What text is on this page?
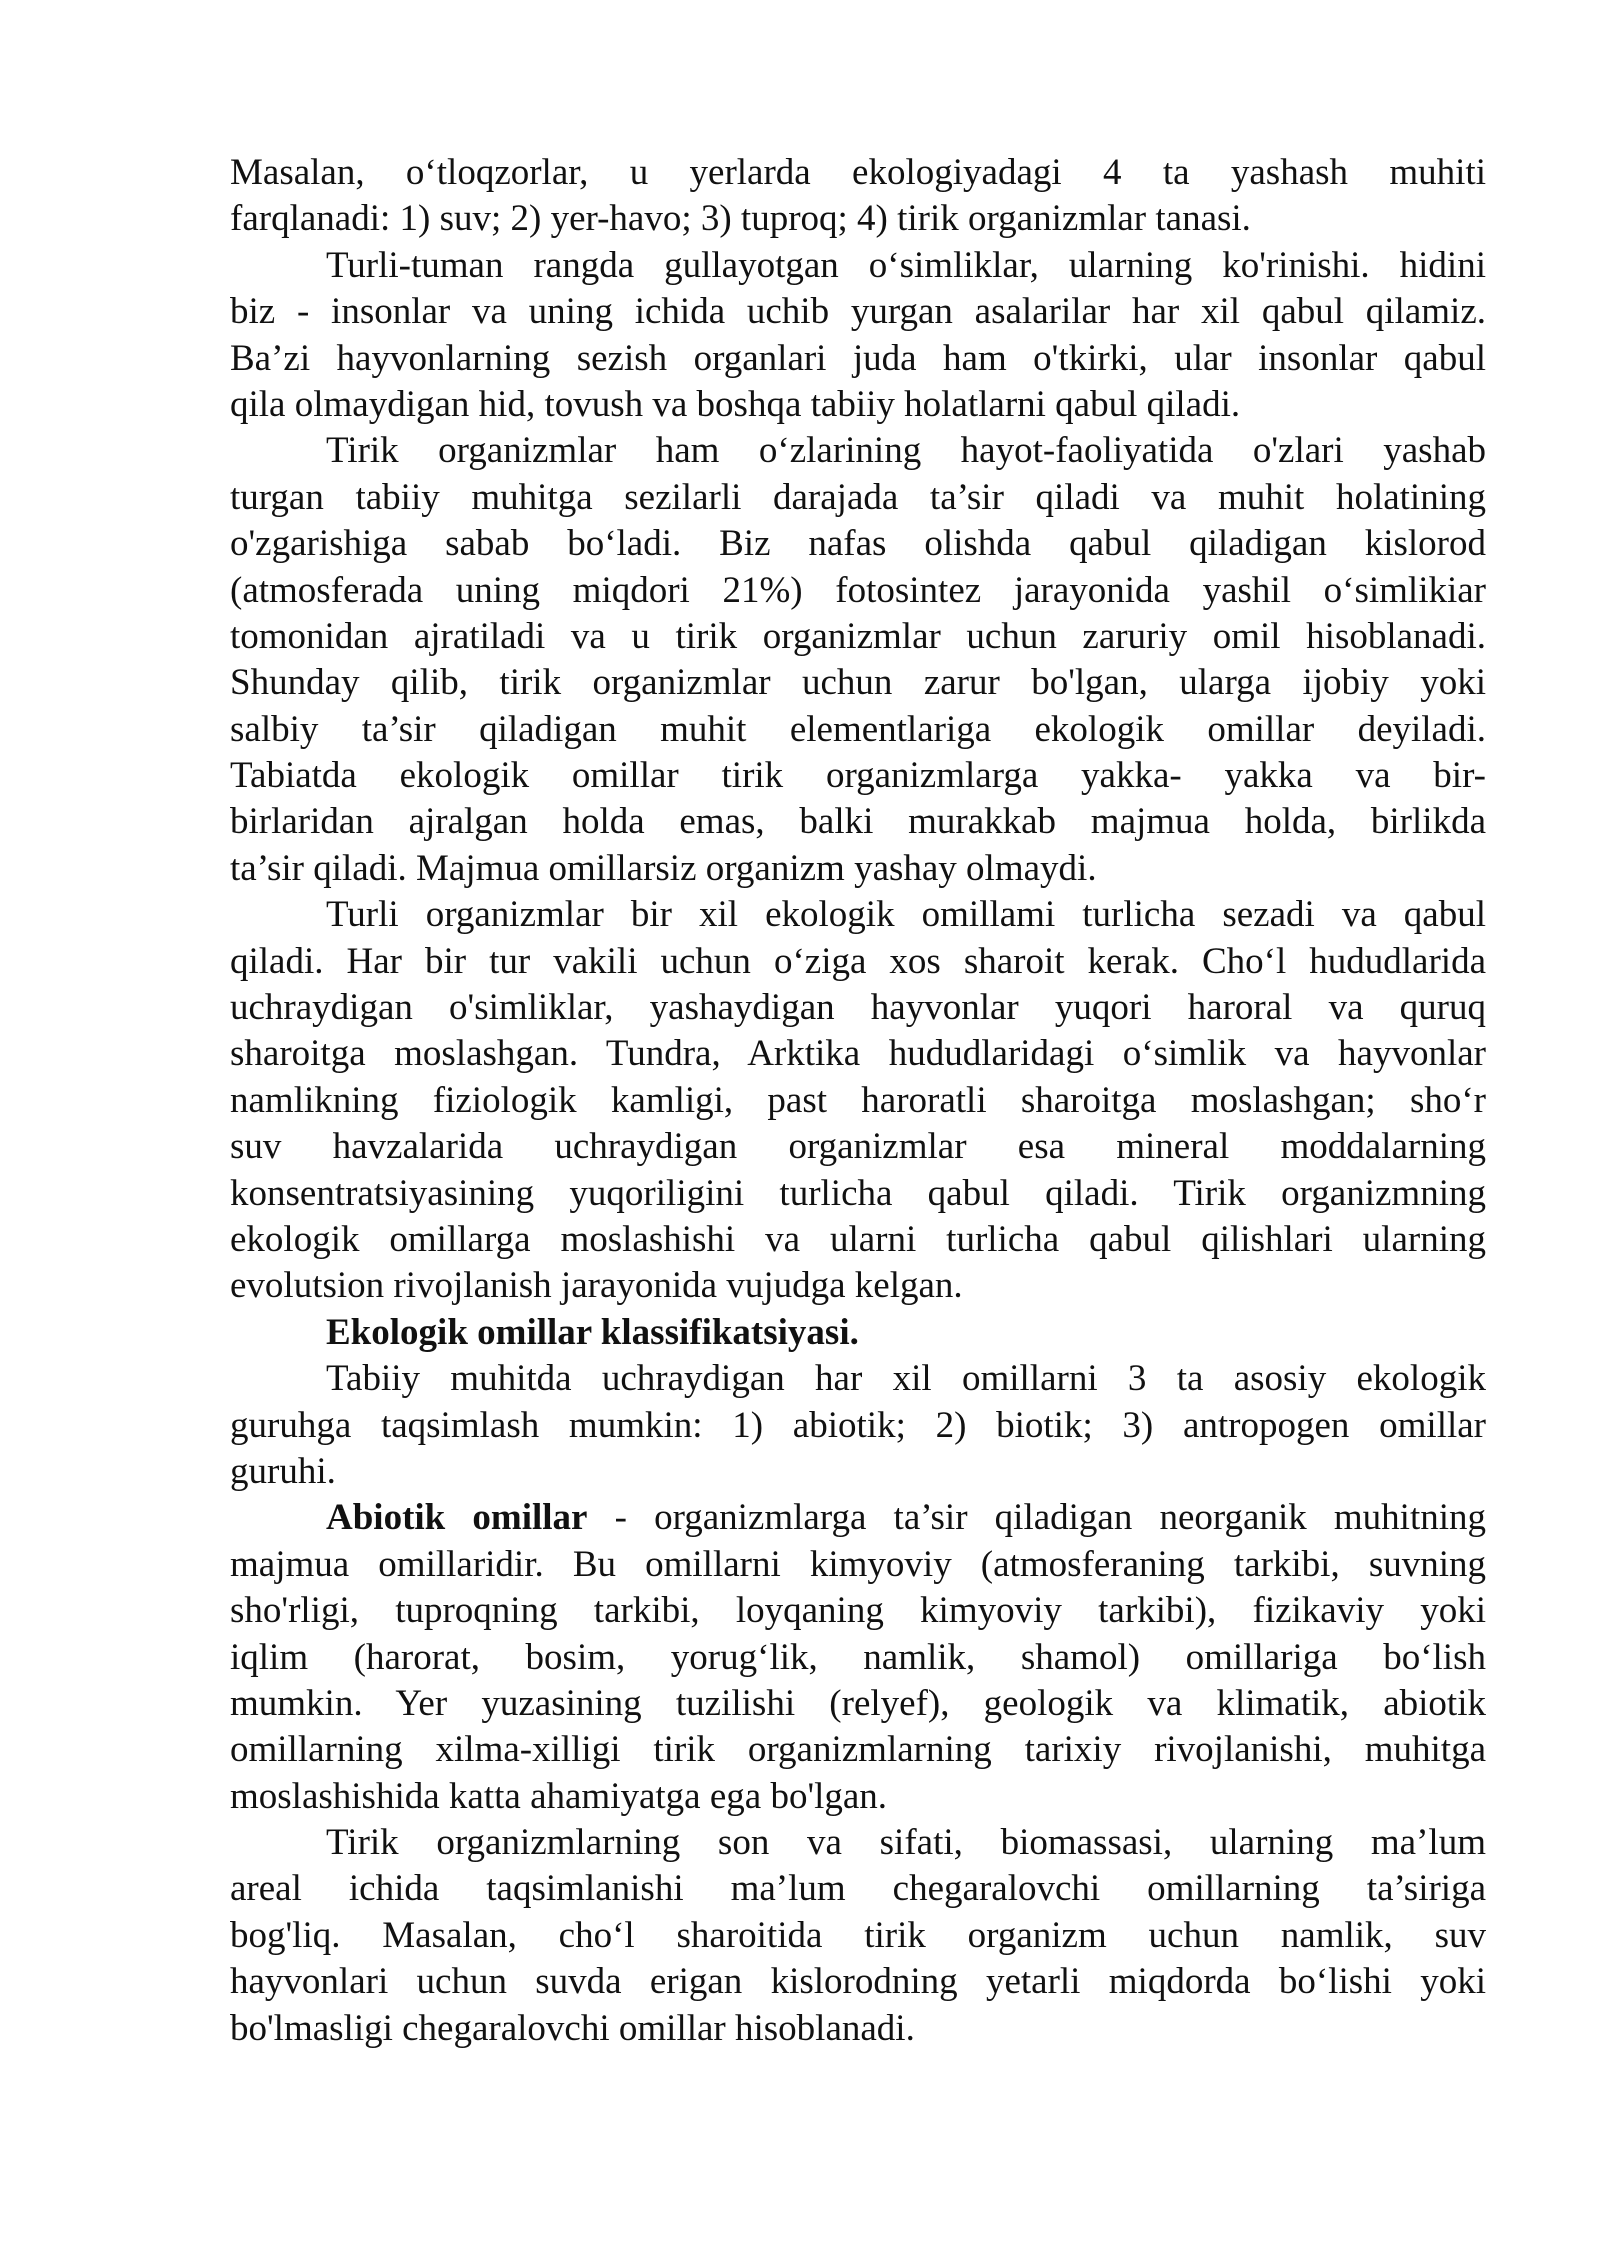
Masalan, o‘tloqzorlar, u yerlarda ekologiyadagi 4 ta yashash muhiti
farqlanadi: 1) suv; 2) yer-havo; 3) tuproq; 4) tirik organizmlar tanasi.
Turli-tuman rangda gullayotgan o‘simliklar, ularning ko'rinishi. hidini
biz - insonlar va uning ichida uchib yurgan asalarilar har xil qabul qilamiz.
Ba’zi hayvonlarning sezish organlari juda ham o'tkirki, ular insonlar qabul
qila olmaydigan hid, tovush va boshqa tabiiy holatlarni qabul qiladi.
Tirik organizmlar ham o‘zlarining hayot-faoliyatida o'zlari yashab
turgan tabiiy muhitga sezilarli darajada ta’sir qiladi va muhit holatining
o'zgarishiga sabab bo‘ladi. Biz nafas olishda qabul qiladigan kislorod
(atmosferada uning miqdori 21%) fotosintez jarayonida yashil o‘simlikiar
tomonidan ajratiladi va u tirik organizmlar uchun zaruriy omil hisoblanadi.
Shunday qilib, tirik organizmlar uchun zarur bo'lgan, ularga ijobiy yoki
salbiy ta’sir qiladigan muhit elementlariga ekologik omillar deyiladi.
Tabiatda ekologik omillar tirik organizmlarga yakka- yakka va bir-
birlaridan ajralgan holda emas, balki murakkab majmua holda, birlikda
ta’sir qiladi. Majmua omillarsiz organizm yashay olmaydi.
Turli organizmlar bir xil ekologik omillami turlicha sezadi va qabul
qiladi. Har bir tur vakili uchun o‘ziga xos sharoit kerak. Cho‘l hududlarida
uchraydigan o'simliklar, yashaydigan hayvonlar yuqori haroral va quruq
sharoitga moslashgan. Tundra, Arktika hududlaridagi o‘simlik va hayvonlar
namlikning fiziologik kamligi, past haroratli sharoitga moslashgan; sho‘r
suv havzalarida uchraydigan organizmlar esa mineral moddalarning
konsentratsiyasining yuqoriligini turlicha qabul qiladi. Tirik organizmning
ekologik omillarga moslashishi va ularni turlicha qabul qilishlari ularning
evolutsion rivojlanish jarayonida vujudga kelgan.
Ekologik omillar klassifikatsiyasi.
Tabiiy muhitda uchraydigan har xil omillarni 3 ta asosiy ekologik
guruhga taqsimlash mumkin: 1) abiotik; 2) biotik; 3) antropogen omillar
guruhi.
Abiotik omillar - organizmlarga ta’sir qiladigan neorganik muhitning
majmua omillaridir. Bu omillarni kimyoviy (atmosferaning tarkibi, suvning
sho'rligi, tuproqning tarkibi, loyqaning kimyoviy tarkibi), fizikaviy yoki
iqlim (harorat, bosim, yorug‘lik, namlik, shamol) omillariga bo‘lish
mumkin. Yer yuzasining tuzilishi (relyef), geologik va klimatik, abiotik
omillarning xilma-xilligi tirik organizmlarning tarixiy rivojlanishi, muhitga
moslashishida katta ahamiyatga ega bo'lgan.
Tirik organizmlarning son va sifati, biomassasi, ularning ma’lum
areal ichida taqsimlanishi ma’lum chegaralovchi omillarning ta’siriga
bog'liq. Masalan, cho‘l sharoitida tirik organizm uchun namlik, suv
hayvonlari uchun suvda erigan kislorodning yetarli miqdorda bo‘lishi yoki
bo'lmasligi chegaralovchi omillar hisoblanadi.
